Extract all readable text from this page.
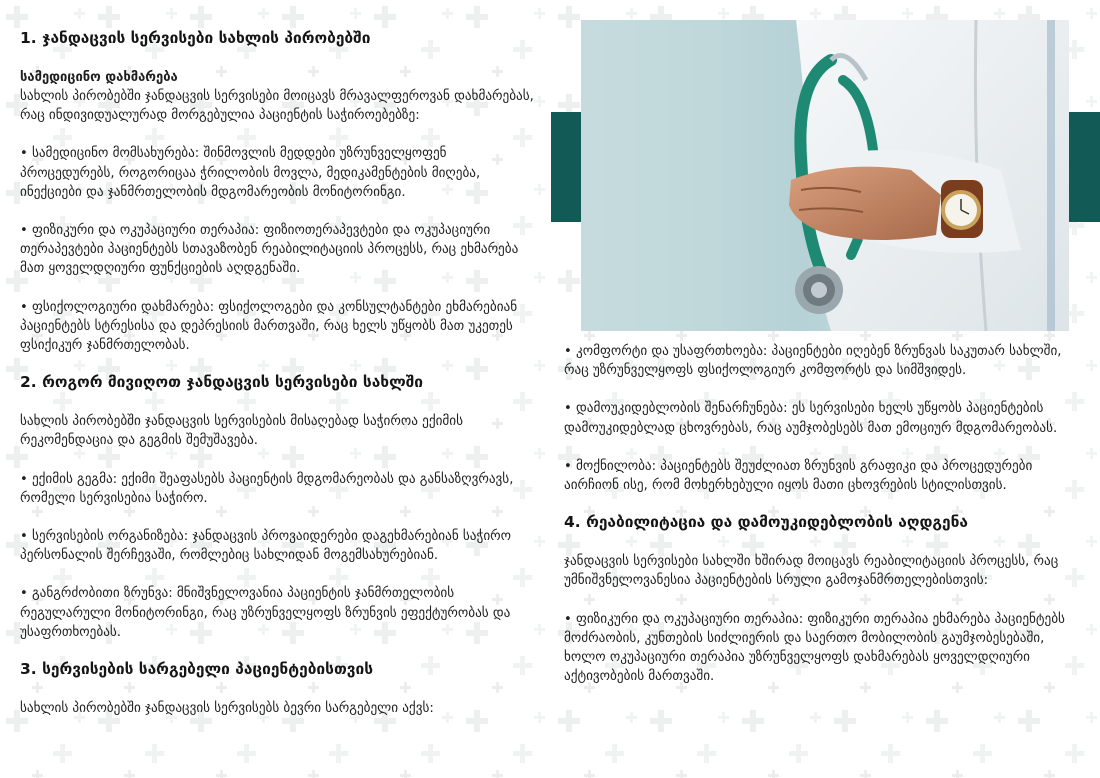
1. ჯანდაცვის სერვისები სახლის პირობებში
სამედიცინო დახმარება

სახლის პირობებში ჯანდაცვის სერვისები მოიცავს მრავალფეროვან დახმარებას, რაც ინდივიდუალურად მორგებულია პაციენტის საჭიროებებზე:

• სამედიცინო მომსახურება: შინმოვლის მედდები უზრუნველყოფენ პროცედურებს, როგორიცაა ჭრილობის მოვლა, მედიკამენტების მიღება, ინექციები და ჯანმრთელობის მდგომარეობის მონიტორინგი.

• ფიზიკური და ოკუპაციური თერაპია: ფიზიოთერაპევტები და ოკუპაციური თერაპევტები პაციენტებს სთავაზობენ რეაბილიტაციის პროცესს, რაც ეხმარება მათ ყოველდღიური ფუნქციების აღდგენაში.

• ფსიქოლოგიური დახმარება: ფსიქოლოგები და კონსულტანტები ეხმარებიან პაციენტებს სტრესისა და დეპრესიის მართვაში, რაც ხელს უწყობს მათ უკეთეს ფსიქიკურ ჯანმრთელობას.

2. როგორ მივიღოთ ჯანდაცვის სერვისები სახლში

სახლის პირობებში ჯანდაცვის სერვისების მისაღებად საჭიროა ექიმის რეკომენდაცია და გეგმის შემუშავება.

• ექიმის გეგმა: ექიმი შეაფასებს პაციენტის მდგომარეობას და განსაზღვრავს, რომელი სერვისებია საჭირო.

• სერვისების ორგანიზება: ჯანდაცვის პროვაიდერები დაგეხმარებიან საჭირო პერსონალის შერჩევაში, რომლებიც სახლიდან მოგემსახურებიან.

• განგრძობითი ზრუნვა: მნიშვნელოვანია პაციენტის ჯანმრთელობის რეგულარული მონიტორინგი, რაც უზრუნველყოფს ზრუნვის ეფექტურობას და უსაფრთხოებას.

3. სერვისების სარგებელი პაციენტებისთვის

სახლის პირობებში ჯანდაცვის სერვისებს ბევრი სარგებელი აქვს:

• კომფორტი და უსაფრთხოება: პაციენტები იღებენ ზრუნვას საკუთარ სახლში, რაც უზრუნველყოფს ფსიქოლოგიურ კომფორტს და სიმშვიდეს.

• დამოუკიდებლობის შენარჩუნება: ეს სერვისები ხელს უწყობს პაციენტების დამოუკიდებლად ცხოვრებას, რაც აუმჯობესებს მათ ემოციურ მდგომარეობას.

• მოქნილობა: პაციენტებს შეუძლიათ ზრუნვის გრაფიკი და პროცედურები აირჩიონ ისე, რომ მოხერხებული იყოს მათი ცხოვრების სტილისთვის.

4. რეაბილიტაცია და დამოუკიდებლობის აღდგენა

ჯანდაცვის სერვისები სახლში ხშირად მოიცავს რეაბილიტაციის პროცესს, რაც უმნიშვნელოვანესია პაციენტების სრული გამოჯანმრთელებისთვის:

• ფიზიკური და ოკუპაციური თერაპია: ფიზიკური თერაპია ეხმარება პაციენტებს მოძრაობის, კუნთების სიძლიერის და საერთო მობილობის გაუმჯობესებაში, ხოლო ოკუპაციური თერაპია უზრუნველყოფს დახმარებას ყოველდღიური აქტივობების მართვაში.
